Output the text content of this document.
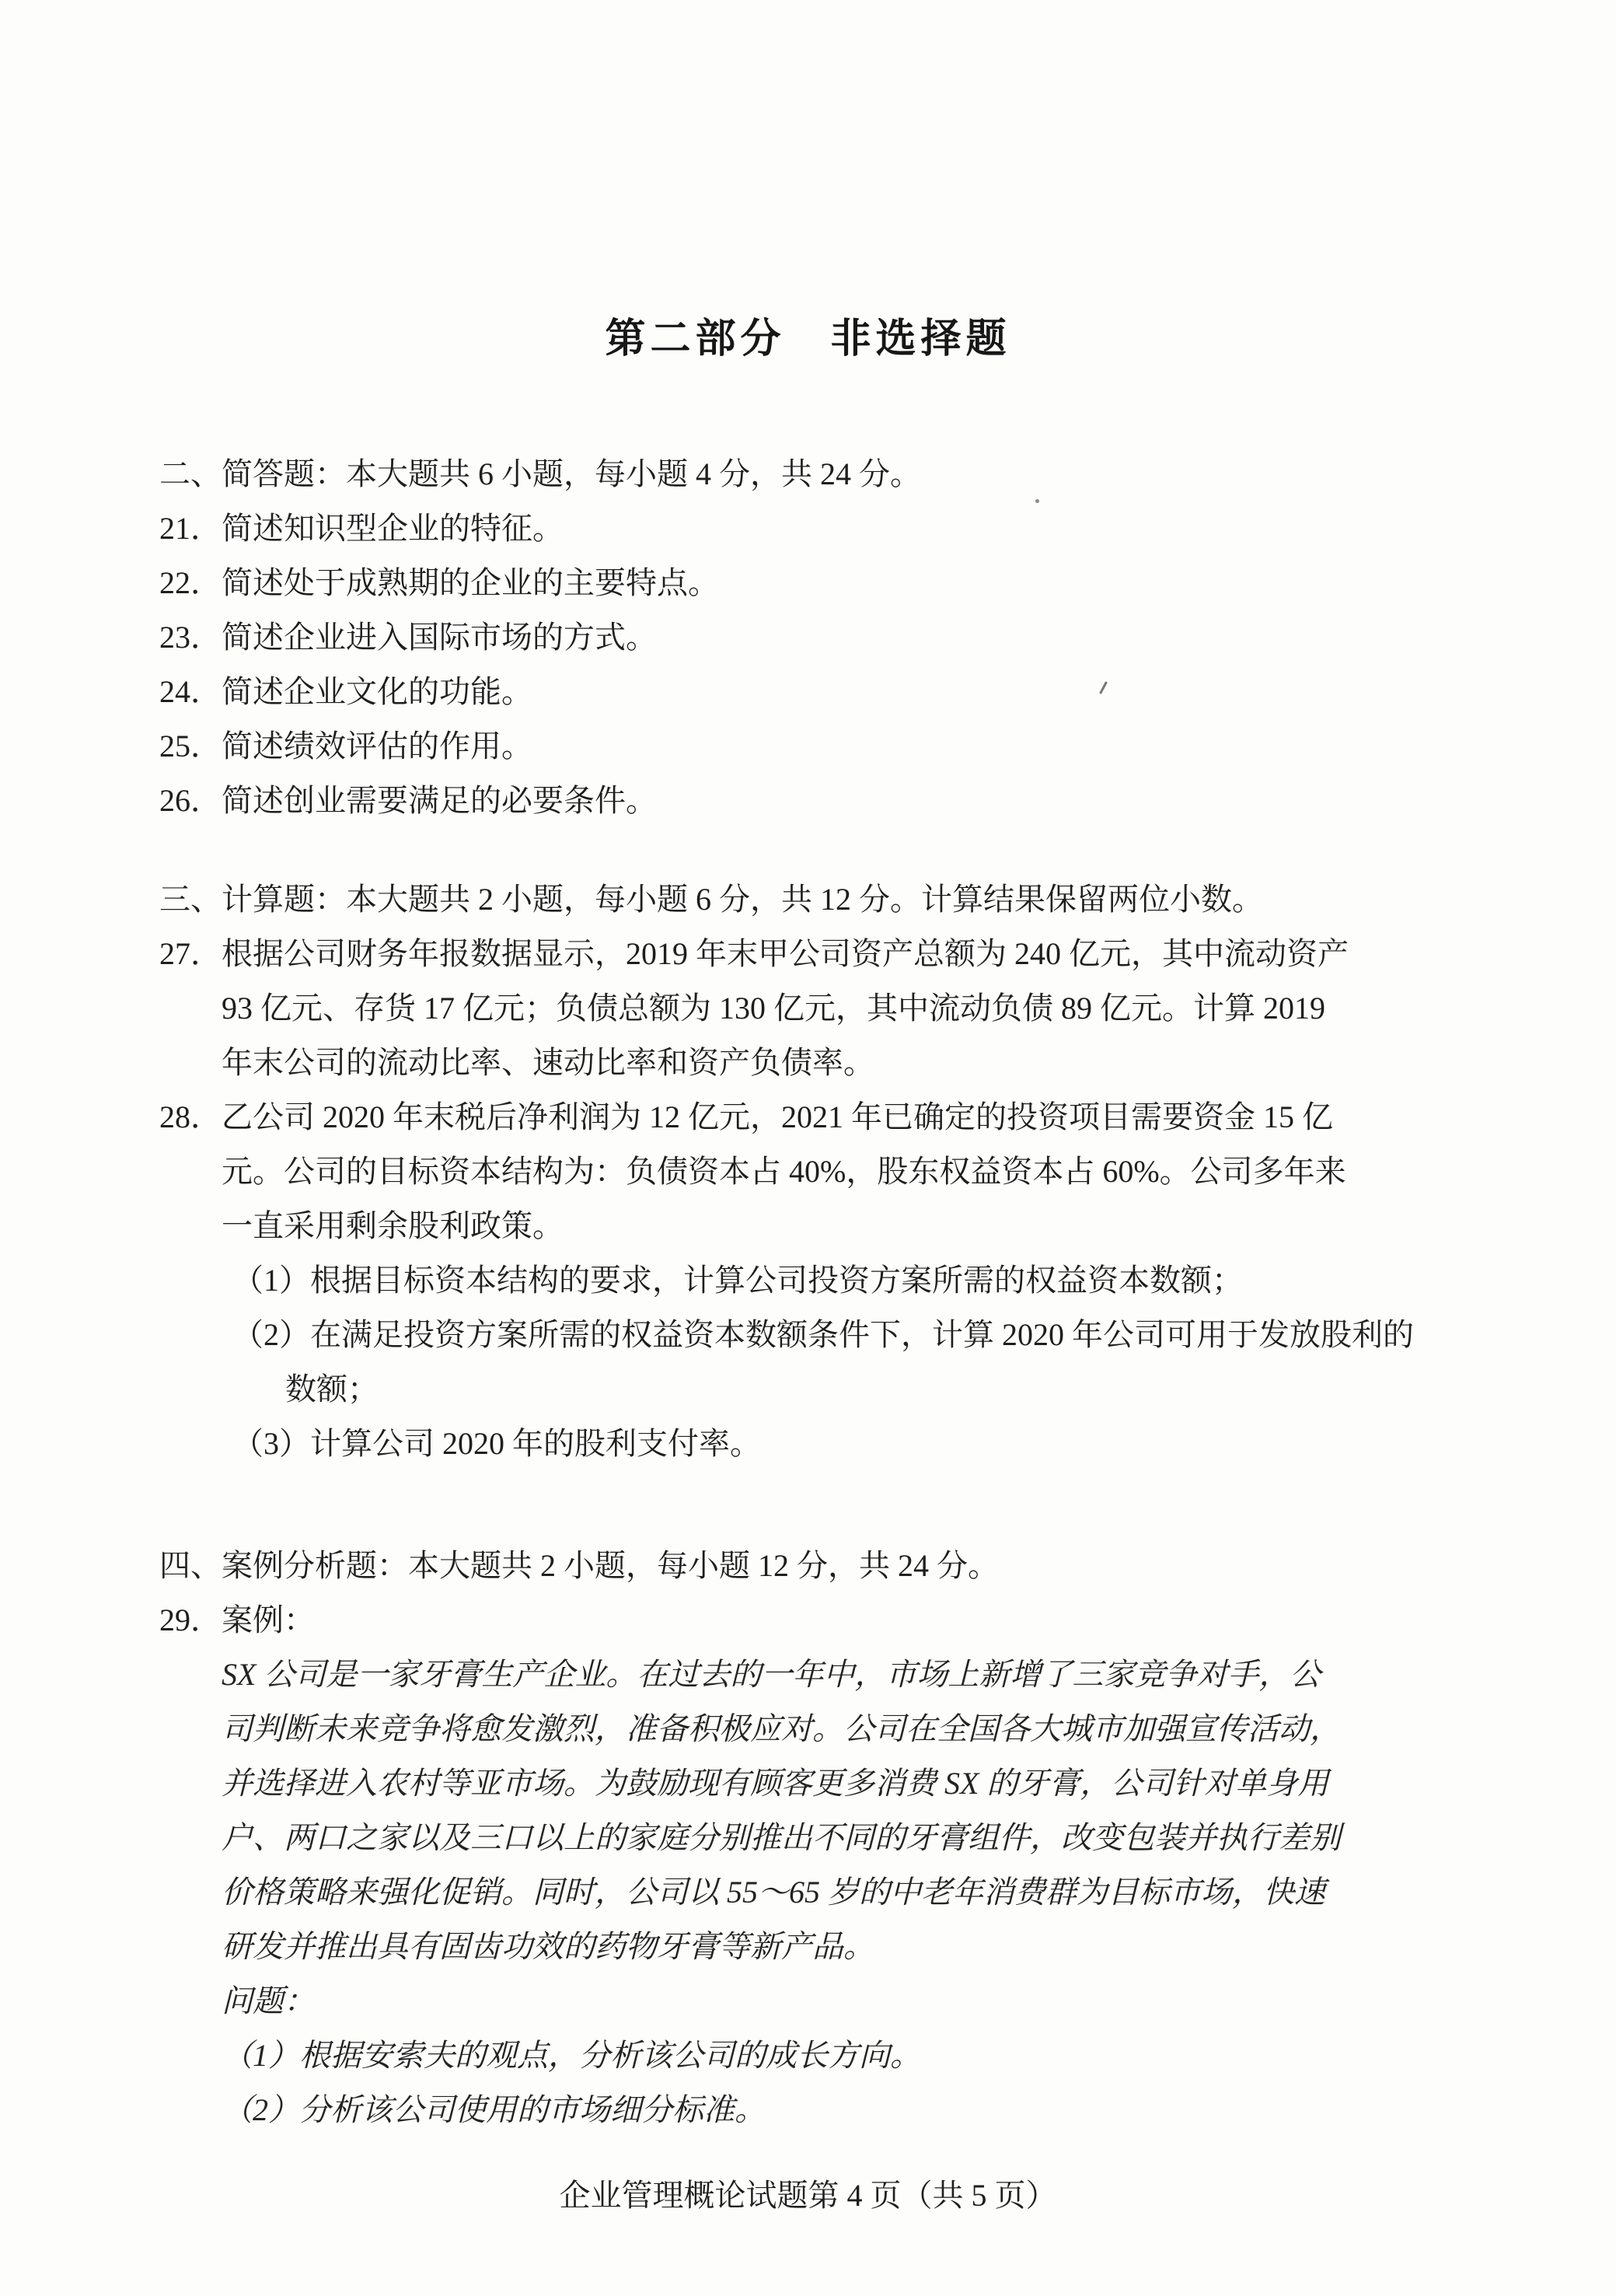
第二部分　非选择题
二、简答题：本大题共 6 小题，每小题 4 分，共 24 分。
21． 简述知识型企业的特征。
22． 简述处于成熟期的企业的主要特点。
23． 简述企业进入国际市场的方式。
24． 简述企业文化的功能。
25． 简述绩效评估的作用。
26． 简述创业需要满足的必要条件。
三、计算题：本大题共 2 小题，每小题 6 分，共 12 分。计算结果保留两位小数。
27． 根据公司财务年报数据显示，2019 年末甲公司资产总额为 240 亿元，其中流动资产
93 亿元、存货 17 亿元；负债总额为 130 亿元，其中流动负债 89 亿元。计算 2019
年末公司的流动比率、速动比率和资产负债率。
28． 乙公司 2020 年末税后净利润为 12 亿元，2021 年已确定的投资项目需要资金 15 亿
元。公司的目标资本结构为：负债资本占 40%，股东权益资本占 60%。公司多年来
一直采用剩余股利政策。
（1）根据目标资本结构的要求，计算公司投资方案所需的权益资本数额；
（2）在满足投资方案所需的权益资本数额条件下，计算 2020 年公司可用于发放股利的
数额；
（3）计算公司 2020 年的股利支付率。
四、案例分析题：本大题共 2 小题，每小题 12 分，共 24 分。
29． 案例：
SX 公司是一家牙膏生产企业。在过去的一年中，市场上新增了三家竞争对手，公
司判断未来竞争将愈发激烈，准备积极应对。公司在全国各大城市加强宣传活动，
并选择进入农村等亚市场。为鼓励现有顾客更多消费 SX 的牙膏，公司针对单身用
户、两口之家以及三口以上的家庭分别推出不同的牙膏组件，改变包装并执行差别
价格策略来强化促销。同时，公司以 55～65 岁的中老年消费群为目标市场，快速
研发并推出具有固齿功效的药物牙膏等新产品。
问题：
（1）根据安索夫的观点，分析该公司的成长方向。
（2）分析该公司使用的市场细分标准。
企业管理概论试题第 4 页（共 5 页）
